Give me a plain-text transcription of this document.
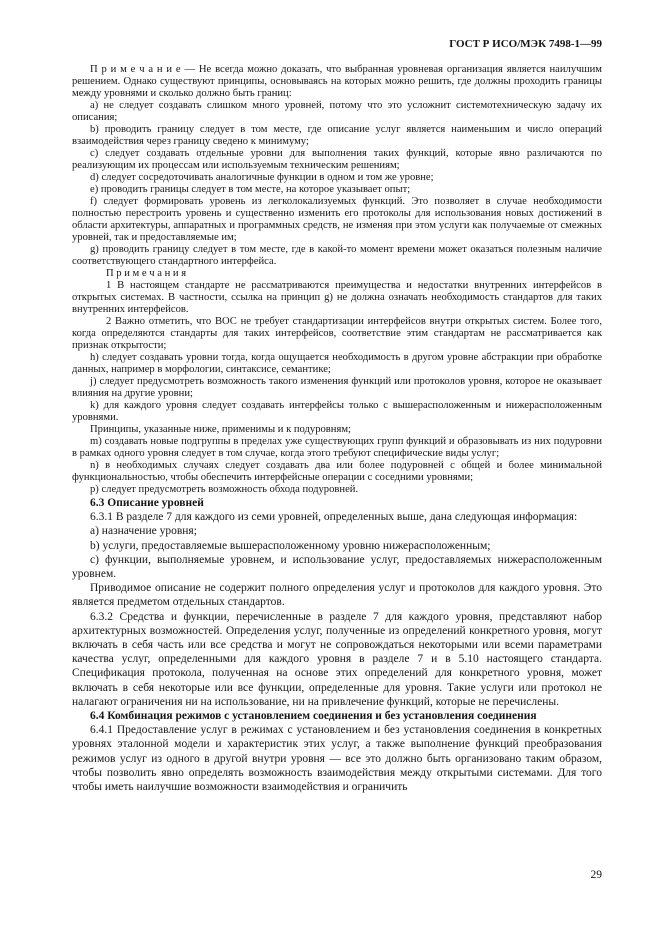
ГОСТ Р ИСО/МЭК 7498-1—99

П р и м е ч а н и е — Не всегда можно доказать, что выбранная уровневая организация является наилучшим решением. Однако существуют принципы, основываясь на которых можно решить, где должны проходить границы между уровнями и сколько должно быть границ:

a) не следует создавать слишком много уровней, потому что это усложнит системотехническую задачу их описания;

b) проводить границу следует в том месте, где описание услуг является наименьшим и число операций взаимодействия через границу сведено к минимуму;

c) следует создавать отдельные уровни для выполнения таких функций, которые явно различаются по реализующим их процессам или используемым техническим решениям;

d) следует сосредоточивать аналогичные функции в одном и том же уровне;

e) проводить границы следует в том месте, на которое указывает опыт;

f) следует формировать уровень из легколокализуемых функций. Это позволяет в случае необходимости полностью перестроить уровень и существенно изменить его протоколы для использования новых достижений в области архитектуры, аппаратных и программных средств, не изменяя при этом услуги как получаемые от смежных уровней, так и предоставляемые им;

g) проводить границу следует в том месте, где в какой-то момент времени может оказаться полезным наличие соответствующего стандартного интерфейса.

П р и м е ч а н и я

1 В настоящем стандарте не рассматриваются преимущества и недостатки внутренних интерфейсов в открытых системах. В частности, ссылка на принцип g) не должна означать необходимость стандартов для таких внутренних интерфейсов.

2 Важно отметить, что ВОС не требует стандартизации интерфейсов внутри открытых систем. Более того, когда определяются стандарты для таких интерфейсов, соответствие этим стандартам не рассматривается как признак открытости;

h) следует создавать уровни тогда, когда ощущается необходимость в другом уровне абстракции при обработке данных, например в морфологии, синтаксисе, семантике;

j) следует предусмотреть возможность такого изменения функций или протоколов уровня, которое не оказывает влияния на другие уровни;

k) для каждого уровня следует создавать интерфейсы только с вышерасположенным и нижерасположенным уровнями.

Принципы, указанные ниже, применимы и к подуровням;

m) создавать новые подгруппы в пределах уже существующих групп функций и образовывать из них подуровни в рамках одного уровня следует в том случае, когда этого требуют специфические виды услуг;

n) в необходимых случаях следует создавать два или более подуровней с общей и более минимальной функциональностью, чтобы обеспечить интерфейсные операции с соседними уровнями;

p) следует предусмотреть возможность обхода подуровней.

6.3 Описание уровней

6.3.1 В разделе 7 для каждого из семи уровней, определенных выше, дана следующая информация:

a) назначение уровня;

b) услуги, предоставляемые вышерасположенному уровню нижерасположенным;

c) функции, выполняемые уровнем, и использование услуг, предоставляемых нижерасположенным уровнем.

Приводимое описание не содержит полного определения услуг и протоколов для каждого уровня. Это является предметом отдельных стандартов.

6.3.2 Средства и функции, перечисленные в разделе 7 для каждого уровня, представляют набор архитектурных возможностей. Определения услуг, полученные из определений конкретного уровня, могут включать в себя часть или все средства и могут не сопровождаться некоторыми или всеми параметрами качества услуг, определенными для каждого уровня в разделе 7 и в 5.10 настоящего стандарта. Спецификация протокола, полученная на основе этих определений для конкретного уровня, может включать в себя некоторые или все функции, определенные для уровня. Такие услуги или протокол не налагают ограничения ни на использование, ни на привлечение функций, которые не перечислены.

6.4 Комбинация режимов с установлением соединения и без установления соединения

6.4.1 Предоставление услуг в режимах с установлением и без установления соединения в конкретных уровнях эталонной модели и характеристик этих услуг, а также выполнение функций преобразования режимов услуг из одного в другой внутри уровня — все это должно быть организовано таким образом, чтобы позволить явно определять возможность взаимодействия между открытыми системами. Для того чтобы иметь наилучшие возможности взаимодействия и ограничить

29
